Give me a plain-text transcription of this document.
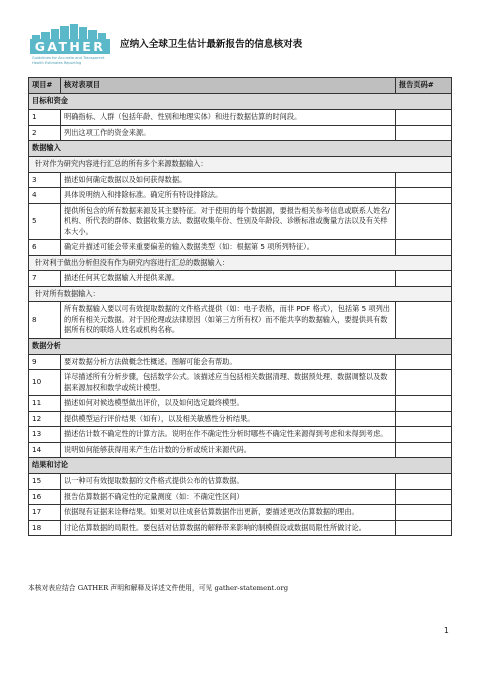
GATHER
Guidelines for Accurate and Transparent Health Estimates Reporting
应纳入全球卫生估计最新报告的信息核对表
项目#	核对表项目	报告页码#
目标和资金		
1	明确指标、人群（包括年龄、性别和地理实体）和进行数据估算的时间段。	
2	列出这项工作的资金来源。	
数据输入		
针对作为研究内容进行汇总的所有多个来源数据输入：		
3	描述如何确定数据以及如何获得数据。	
4	具体说明纳入和排除标准。确定所有特设排除法。	
5	提供所包含的所有数据来源及其主要特征。对于使用的每个数据源，要报告相关参考信息或联系人姓名/机构、所代表的群体、数据收集方法、数据收集年份、性别及年龄段、诊断标准或衡量方法以及有关样本大小。	
6	确定并描述可能会带来重要偏差的输入数据类型（如：根据第 5 项所列特征）。	
针对利于做出分析但没有作为研究内容进行汇总的数据输入：		
7	描述任何其它数据输入并提供来源。	
针对所有数据输入：		
8	所有数据输入要以可有效提取数据的文件格式提供（如：电子表格，而非 PDF 格式），包括第 5 项列出的所有相关元数据。对于因伦理或法律原因（如第三方所有权）而不能共享的数据输入，要提供具有数据所有权的联络人姓名或机构名称。	
数据分析		
9	要对数据分析方法做概念性概述。图解可能会有帮助。	
10	详尽描述所有分析步骤，包括数学公式。该描述应当包括相关数据清理、数据预处理、数据调整以及数据来源加权和数学或统计模型。	
11	描述如何对候选模型做出评价，以及如何选定最终模型。	
12	提供模型运行评价结果（如有），以及相关敏感性分析结果。	
13	描述估计数不确定性的计算方法。说明在作不确定性分析时哪些不确定性来源得到考虑和未得到考虑。	
14	说明如何能够获得用来产生估计数的分析或统计来源代码。	
结果和讨论		
15	以一种可有效提取数据的文件格式提供公布的估算数据。	
16	报告估算数据不确定性的定量测度（如：不确定性区间）	
17	依据现有证据来诠释结果。如果对以往成套估算数据作出更新，要描述更改估算数据的理由。	
18	讨论估算数据的局限性。要包括对估算数据的解释带来影响的制模假设或数据局限性所做讨论。	
本核对表应结合 GATHER 声明和解释及详述文件使用，可见 gather-statement.org
1
